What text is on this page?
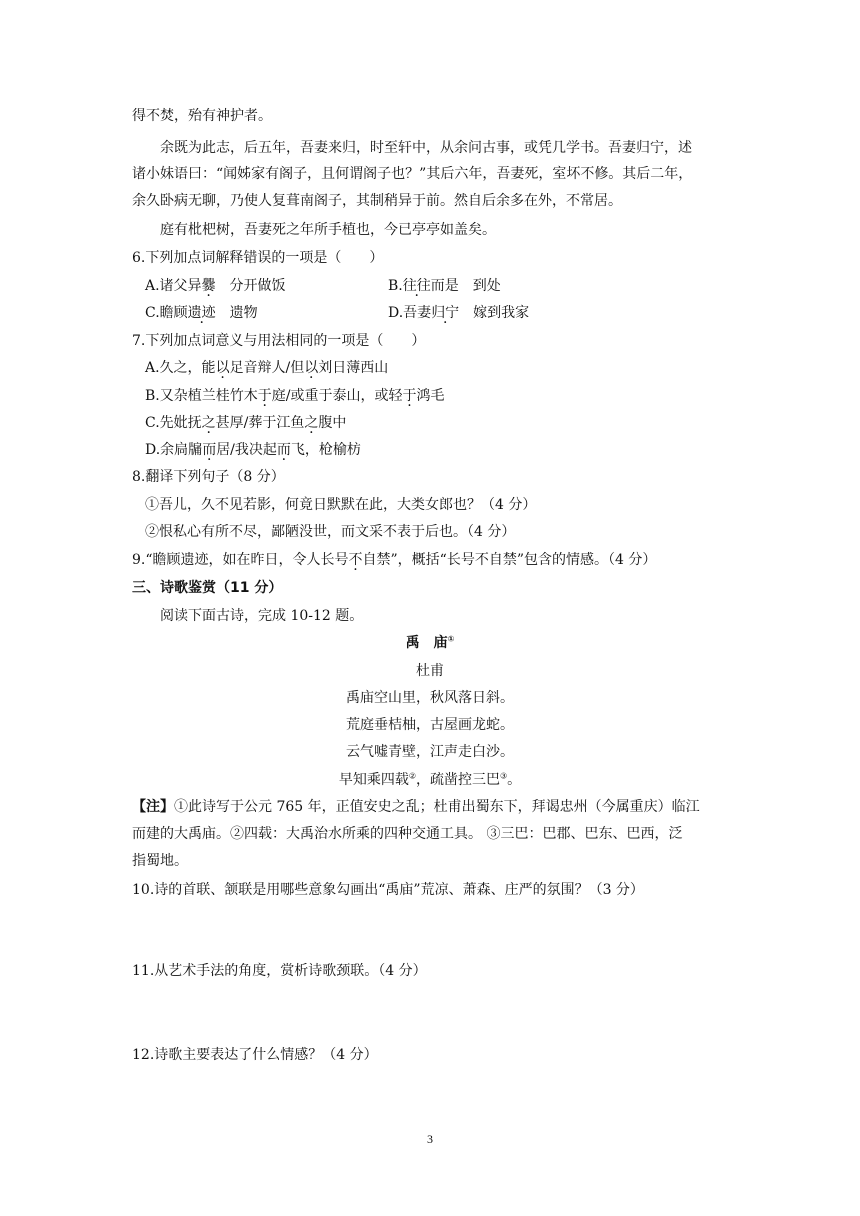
得不焚，殆有神护者。
余既为此志，后五年，吾妻来归，时至轩中，从余问古事，或凭几学书。吾妻归宁，述
诸小妹语曰：“闻姊家有阁子，且何谓阁子也？”其后六年，吾妻死，室坏不修。其后二年，
余久卧病无聊，乃使人复葺南阁子，其制稍异于前。然自后余多在外，不常居。
庭有枇杷树，吾妻死之年所手植也，今已亭亭如盖矣。
6.下列加点词解释错误的一项是（　　）
A.诸父异爨　分开做饭	B.往往而是　到处
C.瞻顾遗迹　遗物	D.吾妻归宁　嫁到我家
7.下列加点词意义与用法相同的一项是（　　）
A.久之，能以足音辩人/但以刘日薄西山
B.又杂植兰桂竹木于庭/或重于泰山，或轻于鸿毛
C.先妣抚之甚厚/葬于江鱼之腹中
D.余扃牖而居/我决起而飞，枪榆枋
8.翻译下列句子（8 分）
①吾儿，久不见若影，何竟日默默在此，大类女郎也？（4 分）
②恨私心有所不尽，鄙陋没世，而文采不表于后也。（4 分）
9.“瞻顾遗迹，如在昨日，令人长号不自禁 ·”，概括“长号不自禁”包含的情感。（4 分）
三、诗歌鉴赏（11 分）
阅读下面古诗，完成 10-12 题。
禹　庙①
杜甫
禹庙空山里，秋风落日斜。
荒庭垂桔柚，古屋画龙蛇。
云气嘘青壁，江声走白沙。
早知乘四载②，疏凿控三巴③。
【注】①此诗写于公元 765 年，正值安史之乱；杜甫出蜀东下，拜谒忠州（今属重庆）临江
而建的大禹庙。②四载：大禹治水所乘的四种交通工具。 ③三巴：巴郡、巴东、巴西，泛
指蜀地。
10.诗的首联、颔联是用哪些意象勾画出“禹庙”荒凉、萧森、庄严的氛围？（3 分）
11.从艺术手法的角度，赏析诗歌颈联。（4 分）
12.诗歌主要表达了什么情感？（4 分）
3
